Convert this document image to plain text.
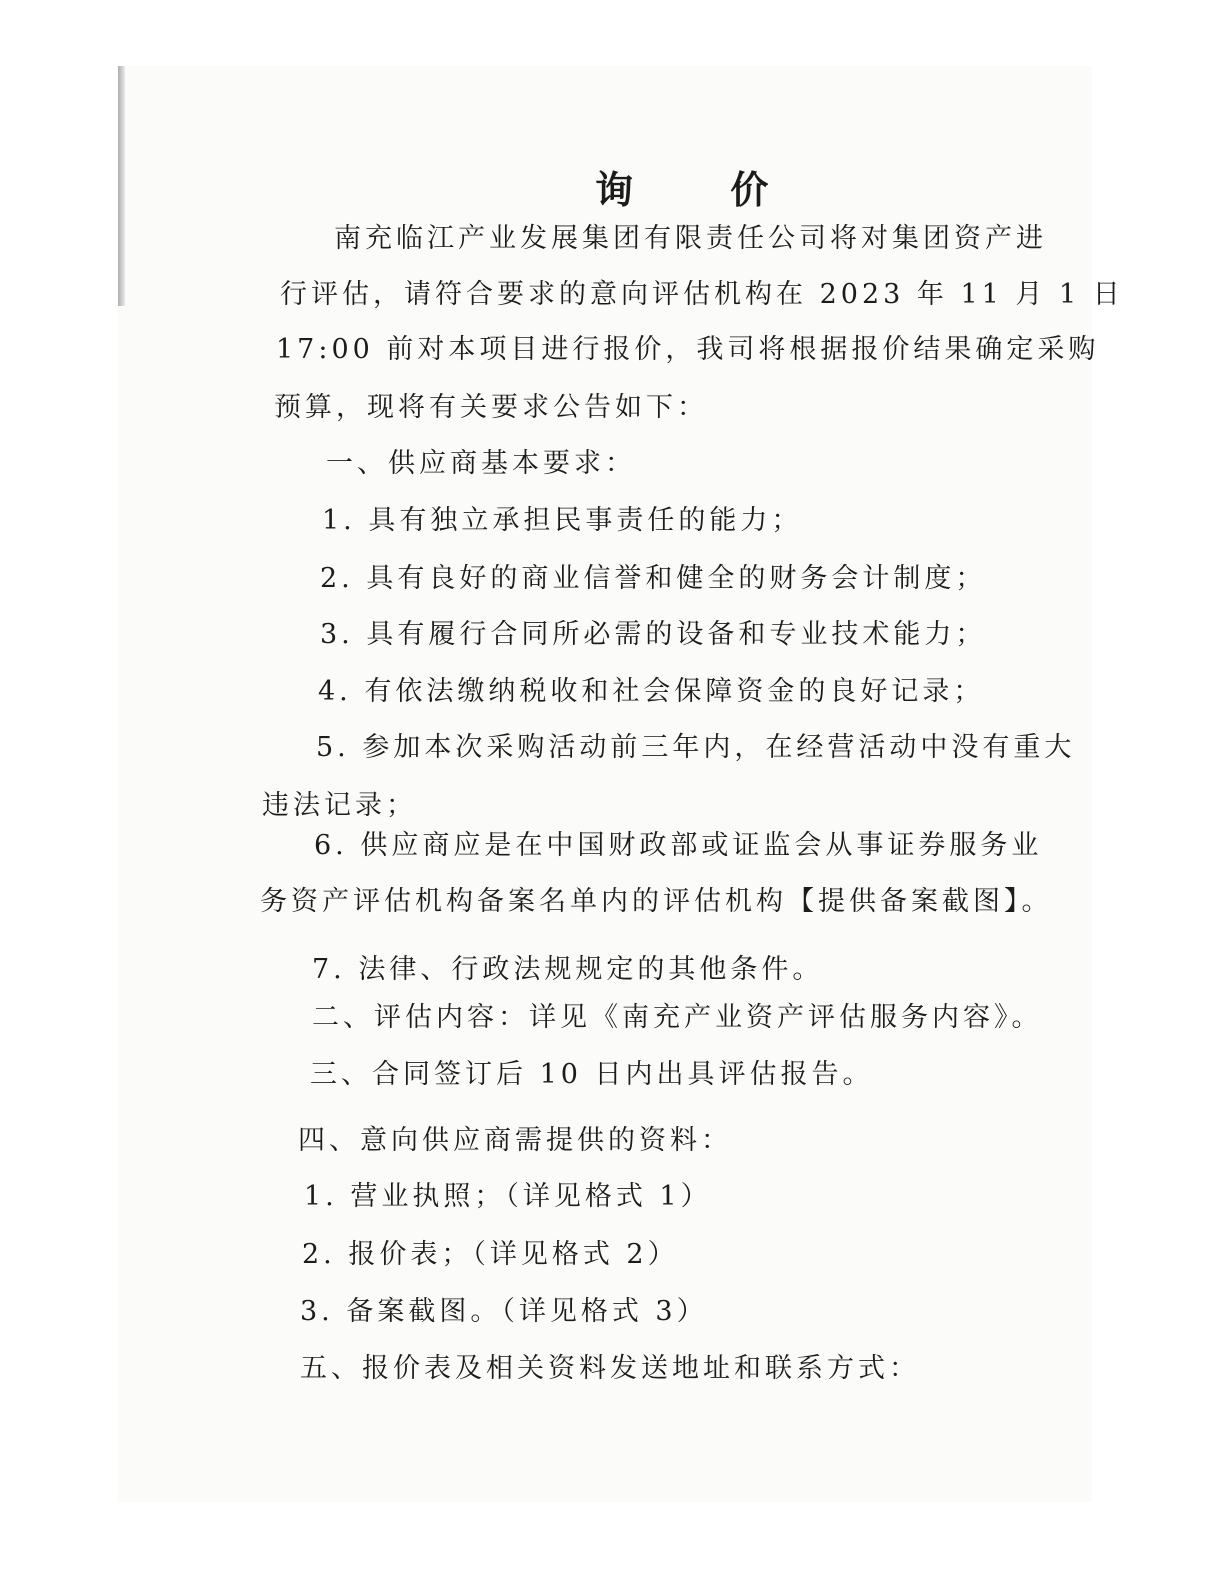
询 价
南充临江产业发展集团有限责任公司将对集团资产进
行评估，请符合要求的意向评估机构在 2023 年 11 月 1 日
17:00 前对本项目进行报价，我司将根据报价结果确定采购
预算，现将有关要求公告如下：
一、供应商基本要求：
1. 具有独立承担民事责任的能力；
2. 具有良好的商业信誉和健全的财务会计制度；
3. 具有履行合同所必需的设备和专业技术能力；
4. 有依法缴纳税收和社会保障资金的良好记录；
5. 参加本次采购活动前三年内，在经营活动中没有重大
违法记录；
6. 供应商应是在中国财政部或证监会从事证券服务业
务资产评估机构备案名单内的评估机构【提供备案截图】。
7. 法律、行政法规规定的其他条件。
二、评估内容：详见《南充产业资产评估服务内容》。
三、合同签订后 10 日内出具评估报告。
四、意向供应商需提供的资料：
1. 营业执照；（详见格式 1）
2. 报价表；（详见格式 2）
3. 备案截图。（详见格式 3）
五、报价表及相关资料发送地址和联系方式：
